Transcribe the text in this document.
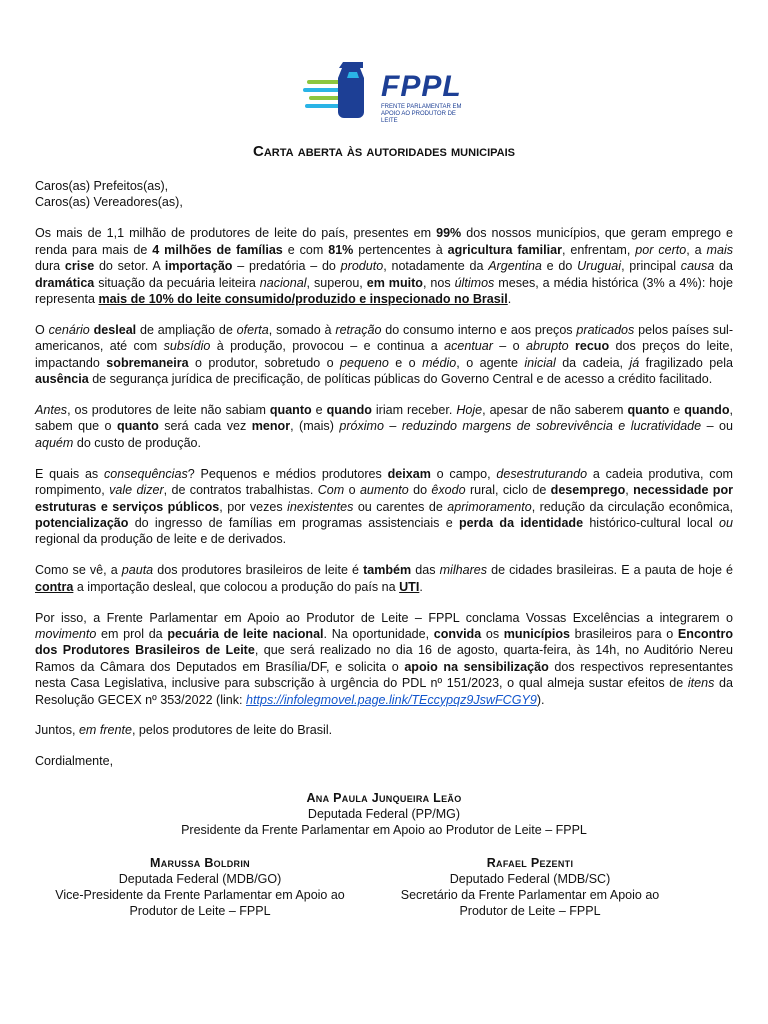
FPPL
FRENTE PARLAMENTAR EM APOIO AO PRODUTOR DE LEITE
Carta aberta às autoridades municipais
Caros(as) Prefeitos(as),
Caros(as) Vereadores(as),

Os mais de 1,1 milhão de produtores de leite do país, presentes em 99% dos nossos municípios, que geram emprego e renda para mais de 4 milhões de famílias e com 81% pertencentes à agricultura familiar, enfrentam, por certo, a mais dura crise do setor. A importação – predatória – do produto, notadamente da Argentina e do Uruguai, principal causa da dramática situação da pecuária leiteira nacional, superou, em muito, nos últimos meses, a média histórica (3% a 4%): hoje representa mais de 10% do leite consumido/produzido e inspecionado no Brasil.

O cenário desleal de ampliação de oferta, somado à retração do consumo interno e aos preços praticados pelos países sul-americanos, até com subsídio à produção, provocou – e continua a acentuar – o abrupto recuo dos preços do leite, impactando sobremaneira o produtor, sobretudo o pequeno e o médio, o agente inicial da cadeia, já fragilizado pela ausência de segurança jurídica de precificação, de políticas públicas do Governo Central e de acesso a crédito facilitado.

Antes, os produtores de leite não sabiam quanto e quando iriam receber. Hoje, apesar de não saberem quanto e quando, sabem que o quanto será cada vez menor, (mais) próximo – reduzindo margens de sobrevivência e lucratividade – ou aquém do custo de produção.

E quais as consequências? Pequenos e médios produtores deixam o campo, desestruturando a cadeia produtiva, com rompimento, vale dizer, de contratos trabalhistas. Com o aumento do êxodo rural, ciclo de desemprego, necessidade por estruturas e serviços públicos, por vezes inexistentes ou carentes de aprimoramento, redução da circulação econômica, potencialização do ingresso de famílias em programas assistenciais e perda da identidade histórico-cultural local ou regional da produção de leite e de derivados.

Como se vê, a pauta dos produtores brasileiros de leite é também das milhares de cidades brasileiras. E a pauta de hoje é contra a importação desleal, que colocou a produção do país na UTI.

Por isso, a Frente Parlamentar em Apoio ao Produtor de Leite – FPPL conclama Vossas Excelências a integrarem o movimento em prol da pecuária de leite nacional. Na oportunidade, convida os municípios brasileiros para o Encontro dos Produtores Brasileiros de Leite, que será realizado no dia 16 de agosto, quarta-feira, às 14h, no Auditório Nereu Ramos da Câmara dos Deputados em Brasília/DF, e solicita o apoio na sensibilização dos respectivos representantes nesta Casa Legislativa, inclusive para subscrição à urgência do PDL nº 151/2023, o qual almeja sustar efeitos de itens da Resolução GECEX nº 353/2022 (link: https://infolegmovel.page.link/TEccypqz9JswFCGY9).

Juntos, em frente, pelos produtores de leite do Brasil.

Cordialmente,

Ana Paula Junqueira Leão
Deputada Federal (PP/MG)
Presidente da Frente Parlamentar em Apoio ao Produtor de Leite – FPPL
Marussa Boldrin
Deputada Federal (MDB/GO)
Vice-Presidente da Frente Parlamentar em Apoio ao
Produtor de Leite – FPPL
Rafael Pezenti
Deputado Federal (MDB/SC)
Secretário da Frente Parlamentar em Apoio ao
Produtor de Leite – FPPL
